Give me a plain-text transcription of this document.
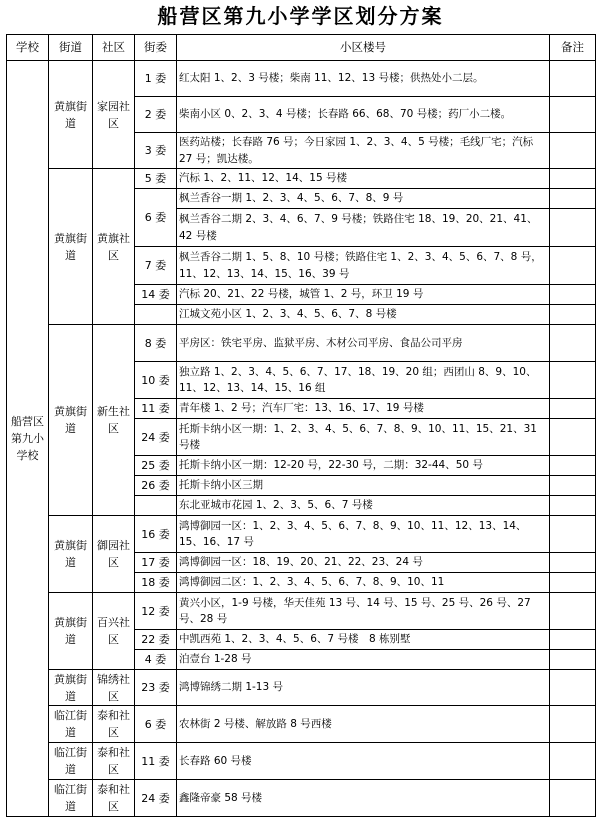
船营区第九小学学区划分方案
学校	街道	社区	街委	小区楼号	备注
船营区第九小学校	黄旗街道	家园社区	1 委	红太阳 1、2、3 号楼；柴南 11、12、13 号楼；供热处小二层。	
			2 委	柴南小区 0、2、3、4 号楼；长春路 66、68、70 号楼；药厂小二楼。	
			3 委	医药站楼；长春路 76 号；今日家园 1、2、3、4、5 号楼；毛线厂宅；汽标 27 号；凯达楼。	
	黄旗街道	黄旗社区	5 委	汽标 1、2、11、12、14、15 号楼	
			6 委	枫兰香谷一期 1、2、3、4、5、6、7、8、9 号	
				枫兰香谷二期 2、3、4、6、7、9 号楼；铁路住宅 18、19、20、21、41、42 号楼	
			7 委	枫兰香谷二期 1、5、8、10 号楼；铁路住宅 1、2、3、4、5、6、7、8 号，11、12、13、14、15、16、39 号	
			14 委	汽标 20、21、22 号楼，城管 1、2 号，环卫 19 号	
				江城文苑小区 1、2、3、4、5、6、7、8 号楼	
	黄旗街道	新生社区	8 委	平房区：铁宅平房、监狱平房、木材公司平房、食品公司平房	
			10 委	独立路 1、2、3、4、5、6、7、17、18、19、20 组；西团山 8、9、10、11、12、13、14、15、16 组	
			11 委	青年楼 1、2 号；汽车厂宅：13、16、17、19 号楼	
			24 委	托斯卡纳小区一期：1、2、3、4、5、6、7、8、9、10、11、15、21、31 号楼	
			25 委	托斯卡纳小区一期：12-20 号，22-30 号，二期：32-44、50 号	
			26 委	托斯卡纳小区三期	
				东北亚城市花园 1、2、3、5、6、7 号楼	
	黄旗街道	御园社区	16 委	鸿博御园一区：1、2、3、4、5、6、7、8、9、10、11、12、13、14、15、16、17 号	
			17 委	鸿博御园一区：18、19、20、21、22、23、24 号	
			18 委	鸿博御园二区：1、2、3、4、5、6、7、8、9、10、11	
	黄旗街道	百兴社区	12 委	黄兴小区，1-9 号楼，华天佳苑 13 号、14 号、15 号、25 号、26 号、27 号、28 号	
			22 委	中凯西苑 1、2、3、4、5、6、7 号楼　8 栋别墅	
			4 委	泊壹台 1-28 号	
	黄旗街道	锦绣社区	23 委	鸿博锦绣二期 1-13 号	
	临江街道	泰和社区	6 委	农林街 2 号楼、解放路 8 号西楼	
	临江街道	泰和社区	11 委	长春路 60 号楼	
	临江街道	泰和社区	24 委	鑫隆帝豪 58 号楼	
